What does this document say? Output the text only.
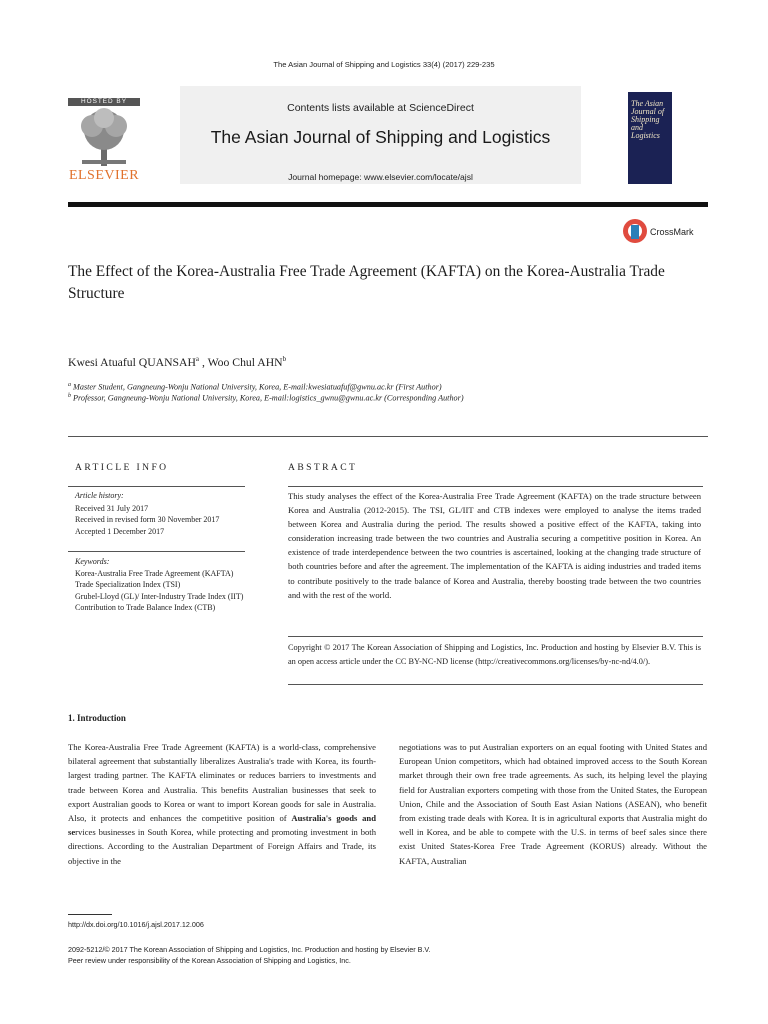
The Asian Journal of Shipping and Logistics 33(4) (2017) 229-235
Contents lists available at ScienceDirect
The Asian Journal of Shipping and Logistics
Journal homepage: www.elsevier.com/locate/ajsl
HOSTED BY
ELSEVIER
The Asian Journal of Shipping and Logistics
CrossMark
The Effect of the Korea-Australia Free Trade Agreement (KAFTA) on the Korea-Australia Trade Structure
Kwesi Atuaful QUANSAH$^a$ , Woo Chul AHN$^b$
$^a$ Master Student, Gangneung-Wonju National University, Korea, E-mail:kwesiatuafuf@gwnu.ac.kr (First Author)
$^b$ Professor, Gangneung-Wonju National University, Korea, E-mail:logistics_gwnu@gwnu.ac.kr (Corresponding Author)
ARTICLE INFO	ABSTRACT
Article history:
Received 31 July 2017
Received in revised form 30 November 2017
Accepted 1 December 2017
Keywords:
Korea-Australia Free Trade Agreement (KAFTA)
Trade Specialization Index (TSI)
Grubel-Lloyd (GL)/ Inter-Industry Trade Index (IIT)
Contribution to Trade Balance Index (CTB)
This study analyses the effect of the Korea-Australia Free Trade Agreement (KAFTA) on the trade structure between Korea and Australia (2012-2015). The TSI, GL/IIT and CTB indexes were employed to analyse the items traded between Korea and Australia during the period. The results showed a positive effect of the KAFTA, taking into consideration increasing trade between the two countries and Australia securing a competitive position in Korea. An existence of trade interdependence between the two countries is ascertained, looking at the changing trade structure of both countries before and after the agreement. The implementation of the KAFTA is aiding industries and traded items to contribute positively to the trade balance of Korea and Australia, thereby boosting trade between the two countries and with the rest of the world.
Copyright © 2017 The Korean Association of Shipping and Logistics, Inc. Production and hosting by Elsevier B.V. This is an open access article under the CC BY-NC-ND license (http://creativecommons.org/licenses/by-nc-nd/4.0/).
1. Introduction
The Korea-Australia Free Trade Agreement (KAFTA) is a world-class, comprehensive bilateral agreement that substantially liberalizes Australia's trade with Korea, its fourth-largest trading partner. The KAFTA eliminates or reduces barriers to investments and trade between Korea and Australia. This benefits Australian businesses that seek to export Australian goods to Korea or want to import Korean goods for sale in Australia. Also, it protects and enhances the competitive position of Australia's goods and services businesses in South Korea, while protecting and promoting investment in both directions. According to the Australian Department of Foreign Affairs and Trade, its objective in the
negotiations was to put Australian exporters on an equal footing with United States and European Union competitors, which had obtained improved access to the South Korean market through their own free trade agreements. As such, its helping level the playing field for Australian exporters competing with those from the United States, the European Union, Chile and the Association of South East Asian Nations (ASEAN), who benefit from existing trade deals with Korea. It is in agricultural exports that Australia might do well in Korea, and be able to compete with the U.S. in terms of beef sales since there exist United States-Korea Free Trade Agreement (KORUS) already. Without the KAFTA, Australian
http://dx.doi.org/10.1016/j.ajsl.2017.12.006
2092-5212/© 2017 The Korean Association of Shipping and Logistics, Inc. Production and hosting by Elsevier B.V.
Peer review under responsibility of the Korean Association of Shipping and Logistics, Inc.
